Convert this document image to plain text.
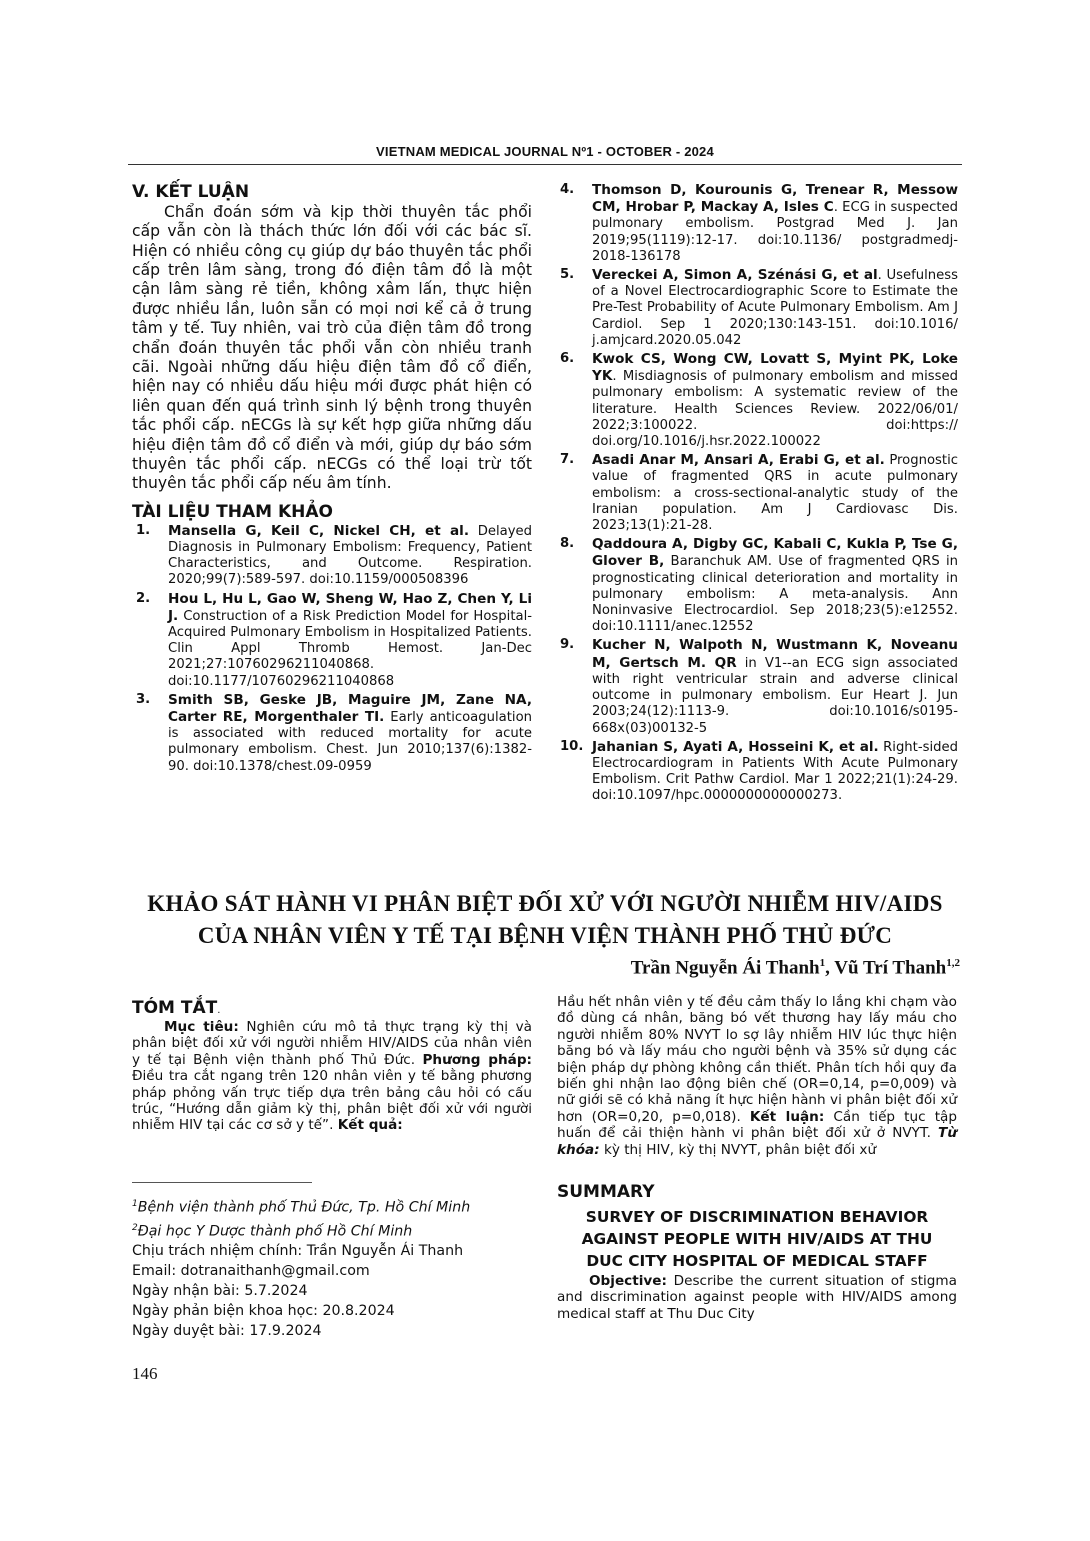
VIETNAM MEDICAL JOURNAL Nº1 - OCTOBER - 2024
V. KẾT LUẬN

Chẩn đoán sớm và kịp thời thuyên tắc phổi cấp vẫn còn là thách thức lớn đối với các bác sĩ. Hiện có nhiều công cụ giúp dự báo thuyên tắc phổi cấp trên lâm sàng, trong đó điện tâm đồ là một cận lâm sàng rẻ tiền, không xâm lấn, thực hiện được nhiều lần, luôn sẵn có mọi nơi kể cả ở trung tâm y tế. Tuy nhiên, vai trò của điện tâm đồ trong chẩn đoán thuyên tắc phổi vẫn còn nhiều tranh cãi. Ngoài những dấu hiệu điện tâm đồ cổ điển, hiện nay có nhiều dấu hiệu mới được phát hiện có liên quan đến quá trình sinh lý bệnh trong thuyên tắc phổi cấp. nECGs là sự kết hợp giữa những dấu hiệu điện tâm đồ cổ điển và mới, giúp dự báo sớm thuyên tắc phổi cấp. nECGs có thể loại trừ tốt thuyên tắc phổi cấp nếu âm tính.

TÀI LIỆU THAM KHẢO
1. Mansella G, Keil C, Nickel CH, et al. Delayed Diagnosis in Pulmonary Embolism: Frequency, Patient Characteristics, and Outcome. Respiration. 2020;99(7):589-597. doi:10.1159/000508396
2. Hou L, Hu L, Gao W, Sheng W, Hao Z, Chen Y, Li J. Construction of a Risk Prediction Model for Hospital-Acquired Pulmonary Embolism in Hospitalized Patients. Clin Appl Thromb Hemost. Jan-Dec 2021;27:10760296211040868. doi:10.1177/10760296211040868
3. Smith SB, Geske JB, Maguire JM, Zane NA, Carter RE, Morgenthaler TI. Early anticoagulation is associated with reduced mortality for acute pulmonary embolism. Chest. Jun 2010;137(6):1382-90. doi:10.1378/chest.09-0959
4. Thomson D, Kourounis G, Trenear R, Messow CM, Hrobar P, Mackay A, Isles C. ECG in suspected pulmonary embolism. Postgrad Med J. Jan 2019;95(1119):12-17. doi:10.1136/ postgradmedj-2018-136178
5. Vereckei A, Simon A, Szénási G, et al. Usefulness of a Novel Electrocardiographic Score to Estimate the Pre-Test Probability of Acute Pulmonary Embolism. Am J Cardiol. Sep 1 2020;130:143-151. doi:10.1016/ j.amjcard.2020.05.042
6. Kwok CS, Wong CW, Lovatt S, Myint PK, Loke YK. Misdiagnosis of pulmonary embolism and missed pulmonary embolism: A systematic review of the literature. Health Sciences Review. 2022/06/01/ 2022;3:100022. doi:https:// doi.org/10.1016/j.hsr.2022.100022
7. Asadi Anar M, Ansari A, Erabi G, et al. Prognostic value of fragmented QRS in acute pulmonary embolism: a cross-sectional-analytic study of the Iranian population. Am J Cardiovasc Dis. 2023;13(1):21-28.
8. Qaddoura A, Digby GC, Kabali C, Kukla P, Tse G, Glover B, Baranchuk AM. Use of fragmented QRS in prognosticating clinical deterioration and mortality in pulmonary embolism: A meta-analysis. Ann Noninvasive Electrocardiol. Sep 2018;23(5):e12552. doi:10.1111/anec.12552
9. Kucher N, Walpoth N, Wustmann K, Noveanu M, Gertsch M. QR in V1--an ECG sign associated with right ventricular strain and adverse clinical outcome in pulmonary embolism. Eur Heart J. Jun 2003;24(12):1113-9. doi:10.1016/s0195-668x(03)00132-5
10. Jahanian S, Ayati A, Hosseini K, et al. Right-sided Electrocardiogram in Patients With Acute Pulmonary Embolism. Crit Pathw Cardiol. Mar 1 2022;21(1):24-29. doi:10.1097/hpc.0000000000000273.
KHẢO SÁT HÀNH VI PHÂN BIỆT ĐỐI XỬ VỚI NGƯỜI NHIỄM HIV/AIDS
CỦA NHÂN VIÊN Y TẾ TẠI BỆNH VIỆN THÀNH PHỐ THỦ ĐỨC
Trần Nguyễn Ái Thanh$^1$, Vũ Trí Thanh$^{1,2}$
TÓM TẮT.

Mục tiêu: Nghiên cứu mô tả thực trạng kỳ thị và phân biệt đối xử với người nhiễm HIV/AIDS của nhân viên y tế tại Bệnh viện thành phố Thủ Đức. Phương pháp: Điều tra cắt ngang trên 120 nhân viên y tế bằng phương pháp phỏng vấn trực tiếp dựa trên bảng câu hỏi có cấu trúc, “Hướng dẫn giảm kỳ thị, phân biệt đối xử với người nhiễm HIV tại các cơ sở y tế”. Kết quả:

Hầu hết nhân viên y tế đều cảm thấy lo lắng khi chạm vào đồ dùng cá nhân, băng bó vết thương hay lấy máu cho người nhiễm 80% NVYT lo sợ lây nhiễm HIV lúc thực hiện băng bó và lấy máu cho người bệnh và 35% sử dụng các biện pháp dự phòng không cần thiết. Phân tích hồi quy đa biến ghi nhận lao động biên chế (OR=0,14, p=0,009) và nữ giới sẽ có khả năng ít hực hiện hành vi phân biệt đối xử hơn (OR=0,20, p=0,018). Kết luận: Cần tiếp tục tập huấn để cải thiện hành vi phân biệt đối xử ở NVYT. Từ khóa: kỳ thị HIV, kỳ thị NVYT, phân biệt đối xử

$^1$Bệnh viện thành phố Thủ Đức, Tp. Hồ Chí Minh
$^2$Đại học Y Dược thành phố Hồ Chí Minh
Chịu trách nhiệm chính: Trần Nguyễn Ái Thanh
Email: dotranaithanh@gmail.com
Ngày nhận bài: 5.7.2024
Ngày phản biện khoa học: 20.8.2024
Ngày duyệt bài: 17.9.2024
SUMMARY

SURVEY OF DISCRIMINATION BEHAVIOR

AGAINST PEOPLE WITH HIV/AIDS AT THU

DUC CITY HOSPITAL OF MEDICAL STAFF

Objective: Describe the current situation of stigma and discrimination against people with HIV/AIDS among medical staff at Thu Duc City

146
